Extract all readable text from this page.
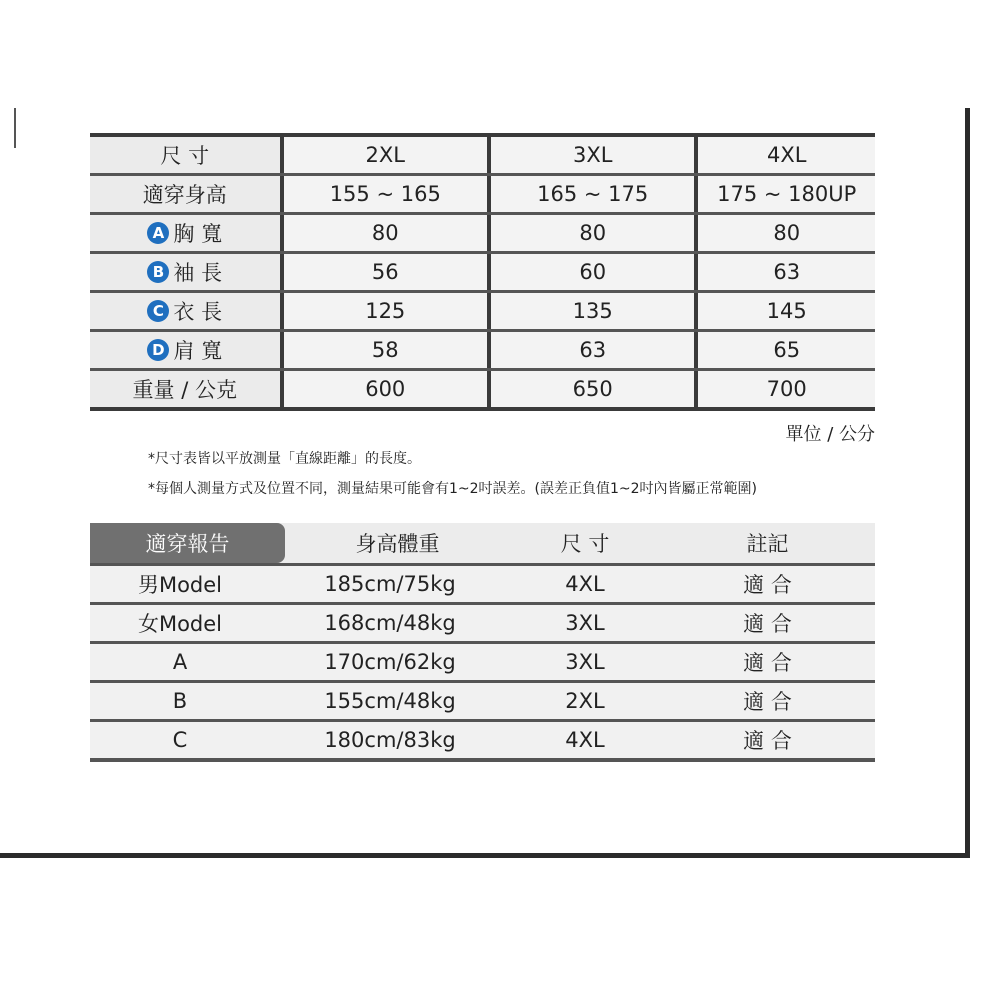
尺 寸	2XL	3XL	4XL
適穿身高	155 ~ 165	165 ~ 175	175 ~ 180UP
A 胸 寬	80	80	80
B 袖 長	56	60	63
C 衣 長	125	135	145
D 肩 寬	58	63	65
重量 / 公克	600	650	700
單位 / 公分
*尺寸表皆以平放測量「直線距離」的長度。
*每個人測量方式及位置不同，測量結果可能會有1~2吋誤差。(誤差正負值1~2吋內皆屬正常範圍)
適穿報告	身高體重	尺 寸	註記
男Model	185cm/75kg	4XL	適 合
女Model	168cm/48kg	3XL	適 合
A	170cm/62kg	3XL	適 合
B	155cm/48kg	2XL	適 合
C	180cm/83kg	4XL	適 合
